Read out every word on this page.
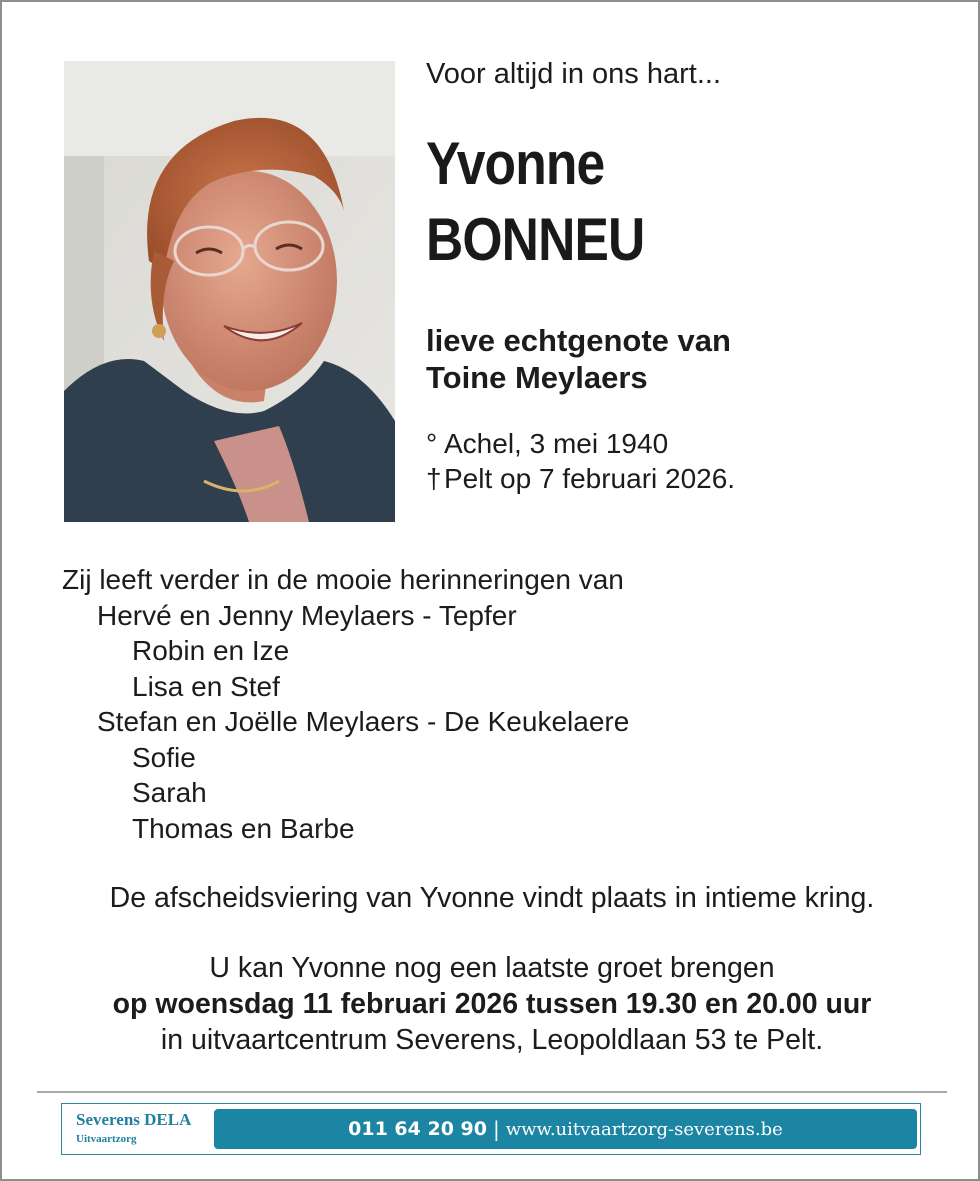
Voor altijd in ons hart...

Yvonne
BONNEU
lieve echtgenote van
Toine Meylaers
° Achel, 3 mei 1940
†Pelt op 7 februari 2026.
Zij leeft verder in de mooie herinneringen van
Hervé en Jenny Meylaers - Tepfer
Robin en Ize
Lisa en Stef
Stefan en Joëlle Meylaers - De Keukelaere
Sofie
Sarah
Thomas en Barbe
De afscheidsviering van Yvonne vindt plaats in intieme kring.
U kan Yvonne nog een laatste groet brengen
op woensdag 11 februari 2026 tussen 19.30 en 20.00 uur
in uitvaartcentrum Severens, Leopoldlaan 53 te Pelt.
Severens DELA
Uitvaartzorg	011 64 20 90 | www.uitvaartzorg-severens.be
